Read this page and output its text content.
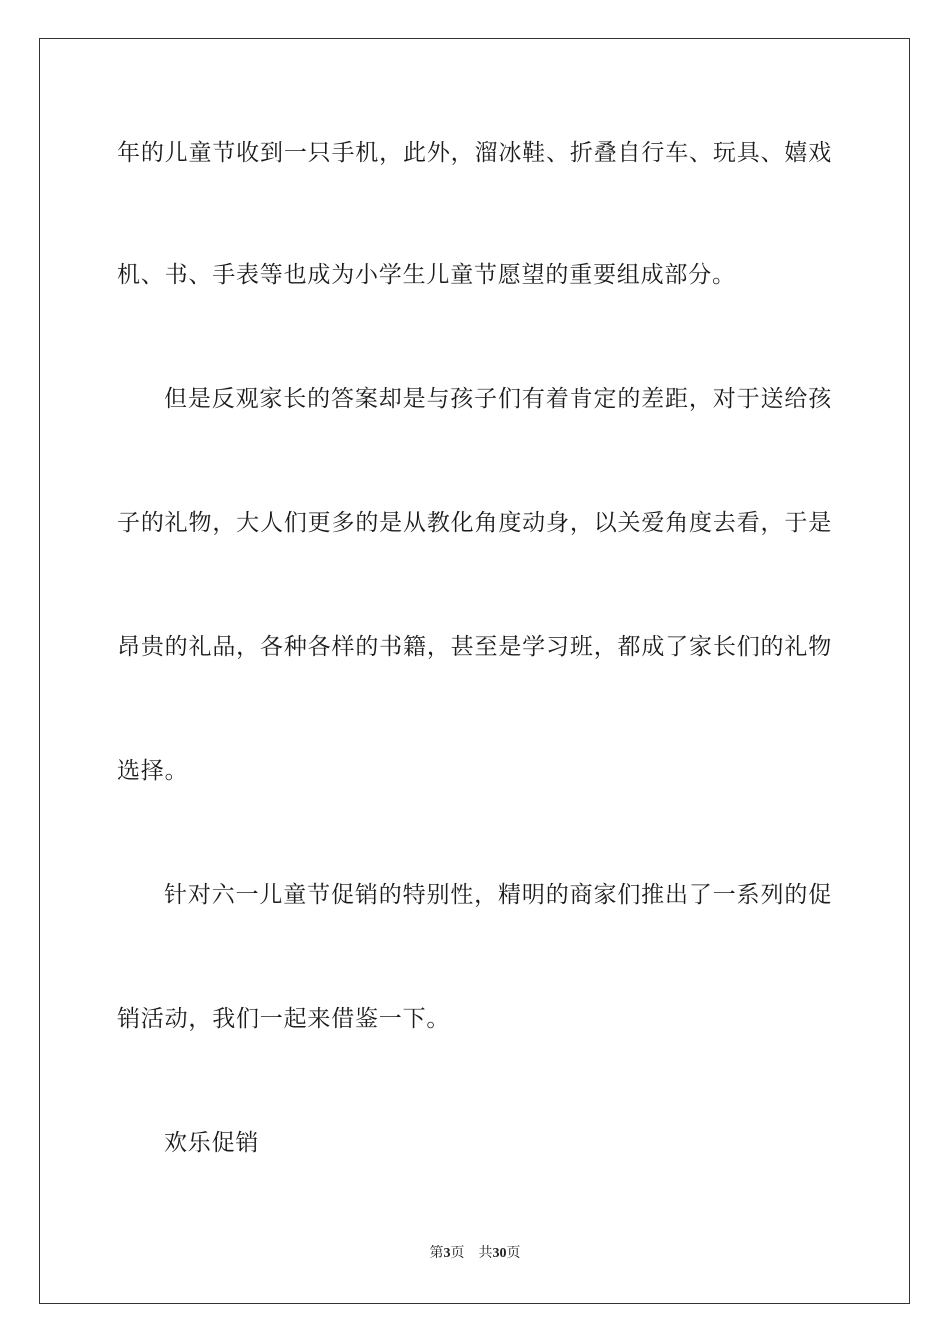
年的儿童节收到一只手机，此外，溜冰鞋、折叠自行车、玩具、嬉戏
机、书、手表等也成为小学生儿童节愿望的重要组成部分。
但是反观家长的答案却是与孩子们有着肯定的差距，对于送给孩
子的礼物，大人们更多的是从教化角度动身，以关爱角度去看，于是
昂贵的礼品，各种各样的书籍，甚至是学习班，都成了家长们的礼物
选择。
针对六一儿童节促销的特别性，精明的商家们推出了一系列的促
销活动，我们一起来借鉴一下。
欢乐促销
第3页 共30页
